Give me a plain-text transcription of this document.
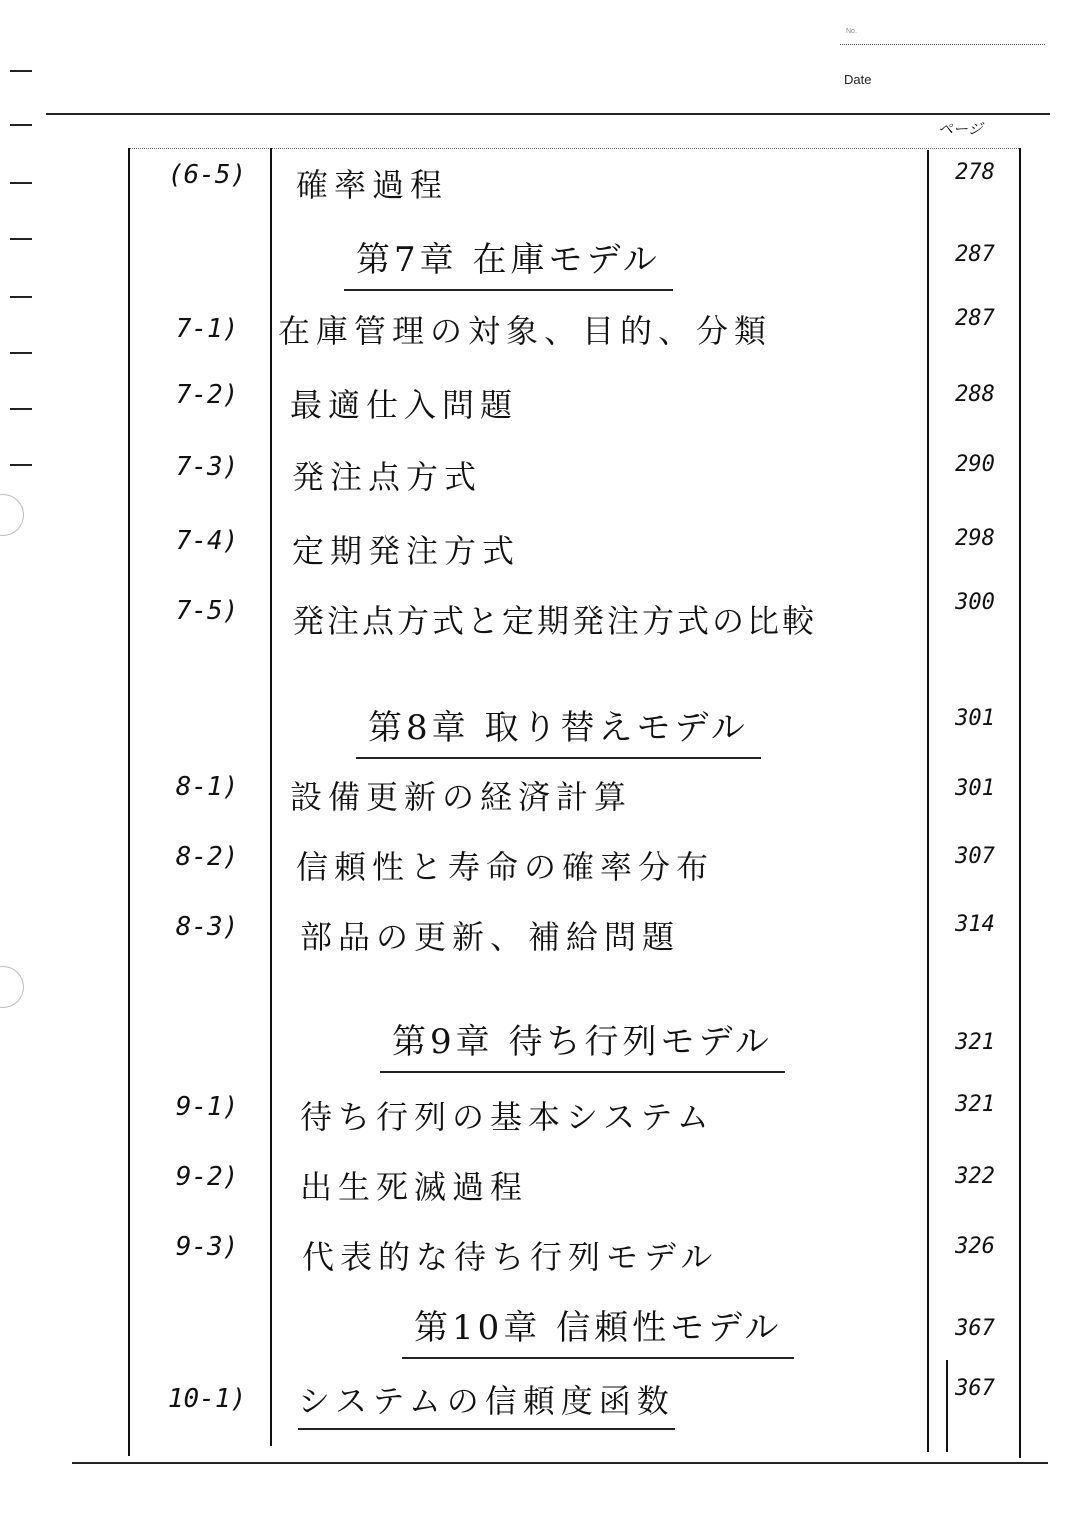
No.
Date
ページ
(6-5)	確率過程	278
第7章 在庫モデル	287
7-1)	在庫管理の対象、目的、分類	287
7-2)	最適仕入問題	288
7-3)	発注点方式	290
7-4)	定期発注方式	298
7-5)	発注点方式と定期発注方式の比較	300
第8章 取り替えモデル	301
8-1)	設備更新の経済計算	301
8-2)	信頼性と寿命の確率分布	307
8-3)	部品の更新、補給問題	314
第9章 待ち行列モデル	321
9-1)	待ち行列の基本システム	321
9-2)	出生死滅過程	322
9-3)	代表的な待ち行列モデル	326
第10章 信頼性モデル	367
10-1)	システムの信頼度函数	367
